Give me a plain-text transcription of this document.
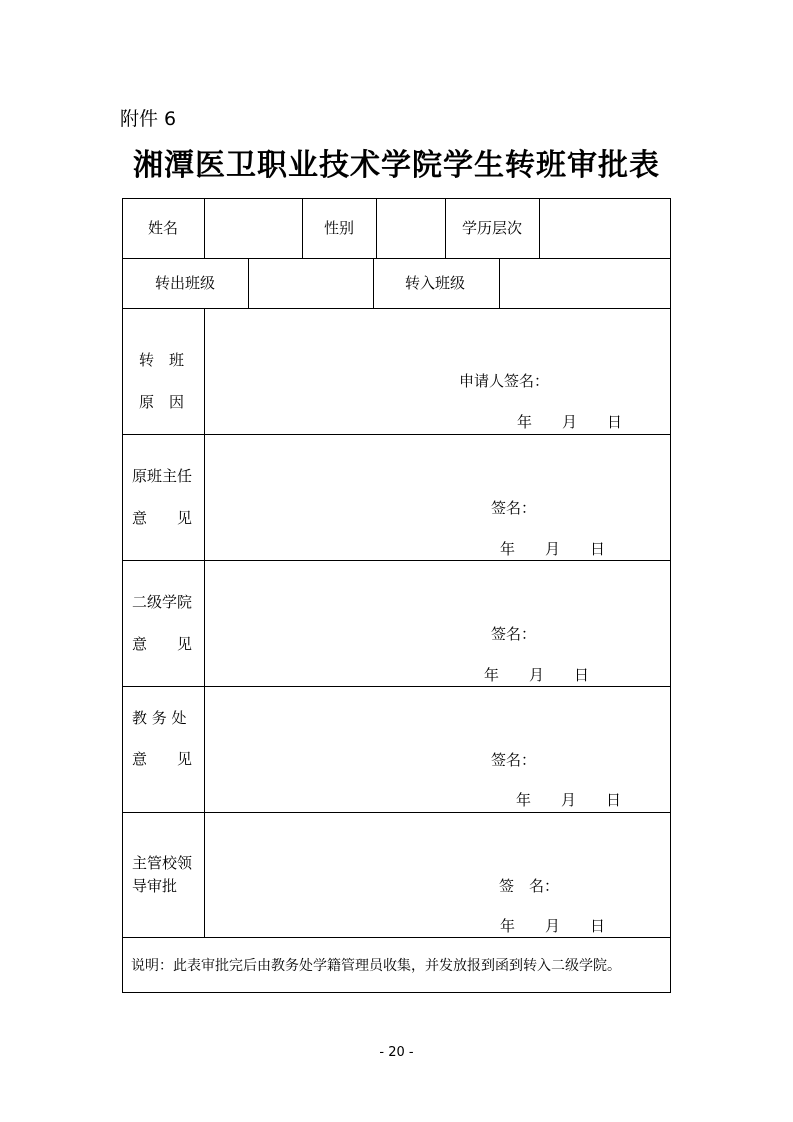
附件 6
湘潭医卫职业技术学院学生转班审批表
姓名	性别	学历层次
转出班级	转入班级
转　班
原　因
申请人签名：
年　　月　　日
原班主任
意　　见
签名：
年　　月　　日
二级学院
意　　见
签名：
年　　月　　日
教 务 处
意　　见	签名：
年　　月　　日
主管校领
导审批	签　名：
年　　月　　日
说明：此表审批完后由教务处学籍管理员收集，并发放报到函到转入二级学院。
- 20 -
